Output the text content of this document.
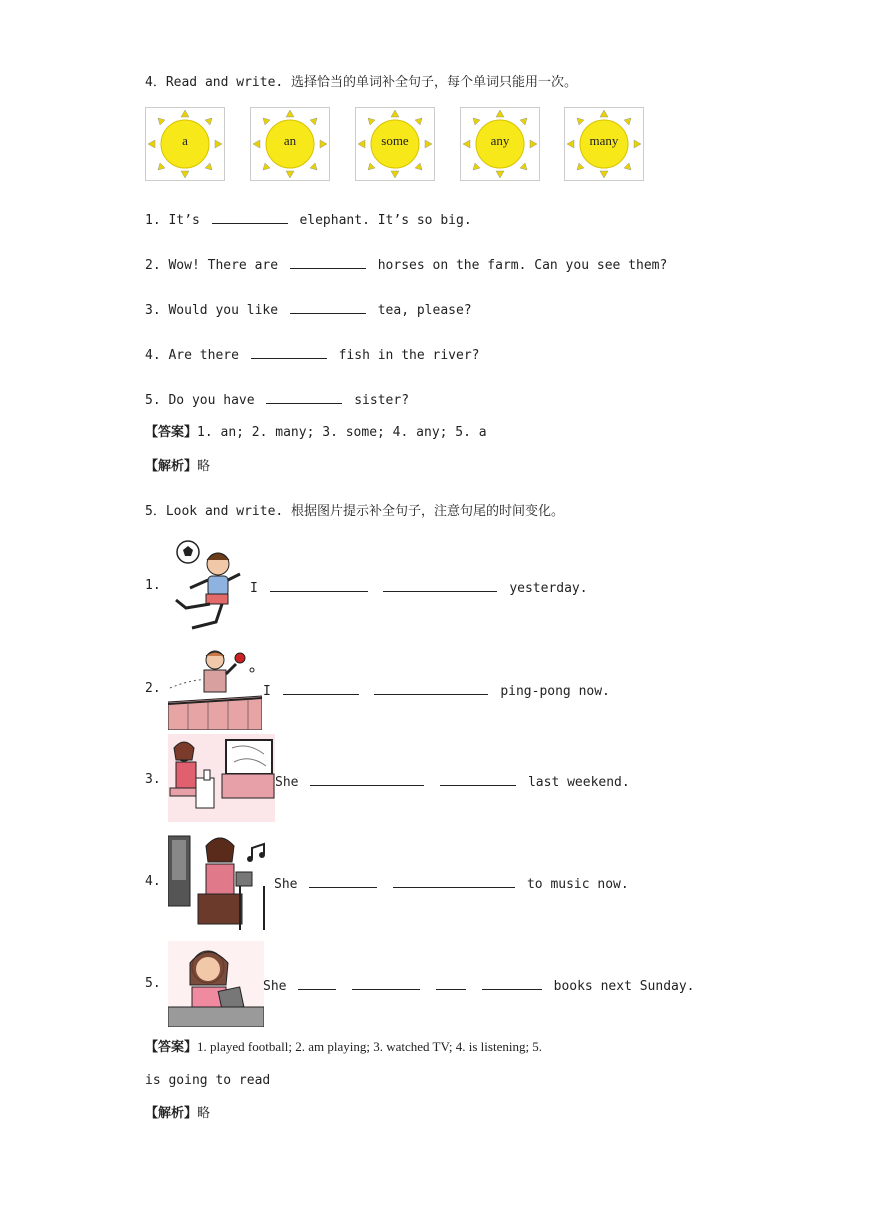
4．Read and write. 选择恰当的单词补全句子，每个单词只能用一次。
a	an	some	any	many
1. It’s	elephant. It’s so big.
2. Wow! There are	horses on the farm. Can you see them?
3. Would you like	tea, please?
4. Are there	fish in the river?
5. Do you have	sister?
【答案】1. an; 2. many; 3. some; 4. any; 5. a
【解析】略
5．Look and write. 根据图片提示补全句子，注意句尾的时间变化。
1.	I	yesterday.
2.	I	ping-pong now.
3.	She	last weekend.
4.	She	to music now.
5.	She	books next Sunday.
【答案】1. played football; 2. am playing; 3. watched TV; 4. is listening; 5.
is going to read
【解析】略
